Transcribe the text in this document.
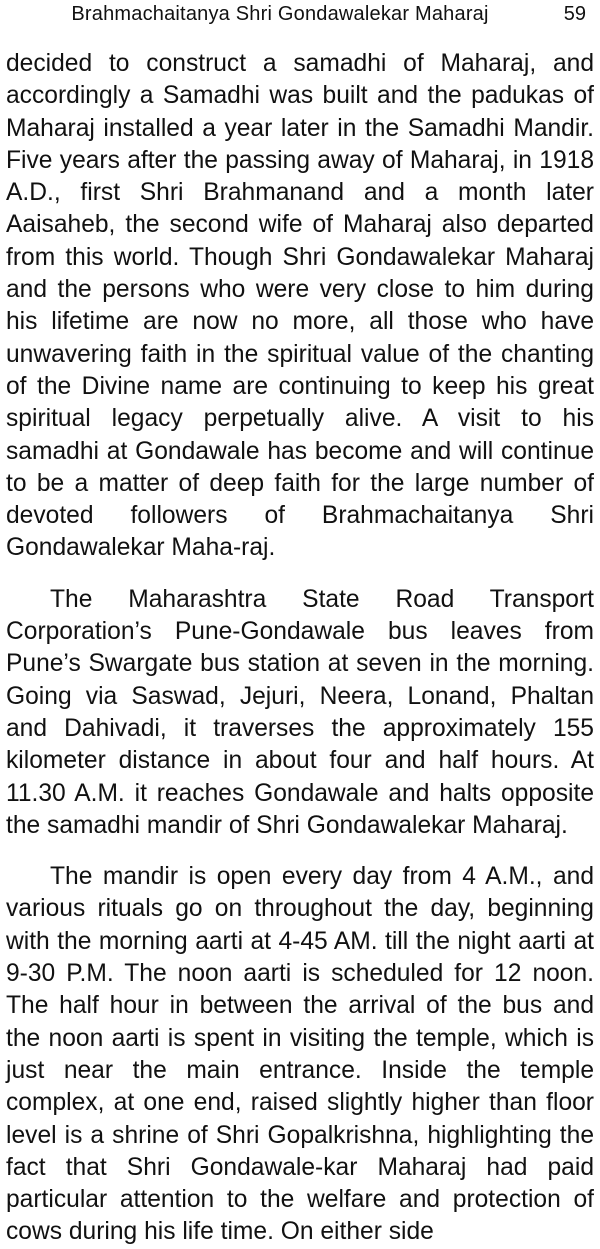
Brahmachaitanya Shri Gondawalekar Maharaj	59

decided to construct a samadhi of Maharaj, and accordingly a Samadhi was built and the padukas of Maharaj installed a year later in the Samadhi Mandir. Five years after the passing away of Maharaj, in 1918 A.D., first Shri Brahmanand and a month later Aaisaheb, the second wife of Maharaj also departed from this world. Though Shri Gondawalekar Maharaj and the persons who were very close to him during his lifetime are now no more, all those who have unwavering faith in the spiritual value of the chanting of the Divine name are continuing to keep his great spiritual legacy perpetually alive. A visit to his samadhi at Gondawale has become and will continue to be a matter of deep faith for the large number of devoted followers of Brahmachaitanya Shri Gondawalekar Maha-raj.

The Maharashtra State Road Transport Corporation’s Pune-Gondawale bus leaves from Pune’s Swargate bus station at seven in the morning. Going via Saswad, Jejuri, Neera, Lonand, Phaltan and Dahivadi, it traverses the approximately 155 kilometer distance in about four and half hours. At 11.30 A.M. it reaches Gondawale and halts opposite the samadhi mandir of Shri Gondawalekar Maharaj.

The mandir is open every day from 4 A.M., and various rituals go on throughout the day, beginning with the morning aarti at 4-45 AM. till the night aarti at 9-30 P.M. The noon aarti is scheduled for 12 noon. The half hour in between the arrival of the bus and the noon aarti is spent in visiting the temple, which is just near the main entrance. Inside the temple complex, at one end, raised slightly higher than floor level is a shrine of Shri Gopalkrishna, highlighting the fact that Shri Gondawale-kar Maharaj had paid particular attention to the welfare and protection of cows during his life time. On either side
